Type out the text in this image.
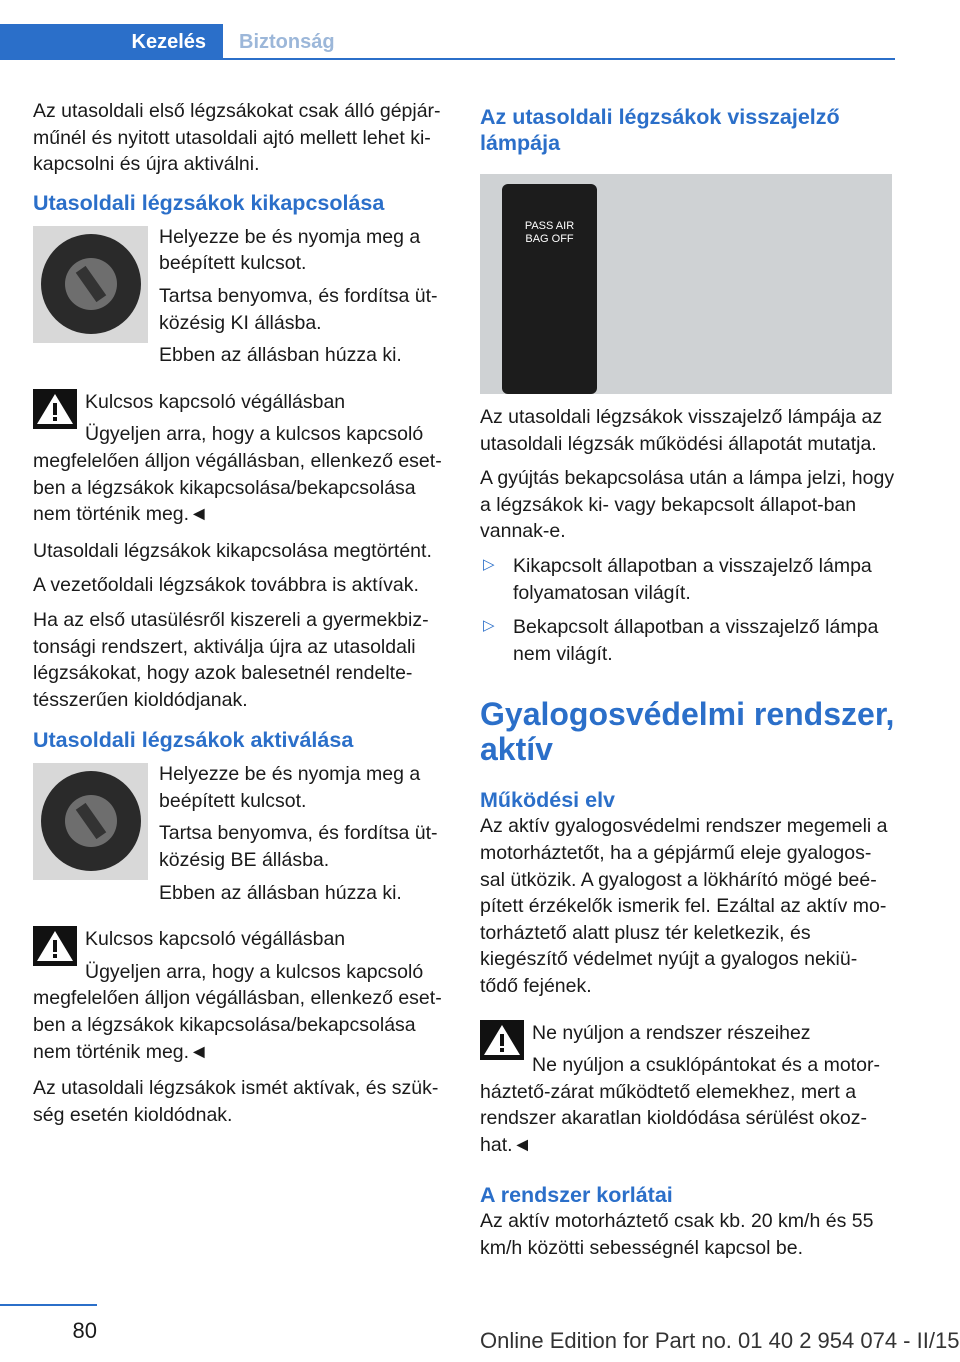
Kezelés	Biztonság

Az utasoldali első légzsákokat csak álló gépjár-műnél és nyitott utasoldali ajtó mellett lehet ki-kapcsolni és újra aktiválni.

Utasoldali légzsákok kikapcsolása

Helyezze be és nyomja meg a beépített kulcsot.

Tartsa benyomva, és fordítsa üt-közésig KI állásba.

Ebben az állásban húzza ki.

Kulcsos kapcsoló végállásban

Ügyeljen arra, hogy a kulcsos kapcsoló megfelelően álljon végállásban, ellenkező eset-ben a légzsákok kikapcsolása/bekapcsolása nem történik meg.◄

Utasoldali légzsákok kikapcsolása megtörtént.

A vezetőoldali légzsákok továbbra is aktívak.

Ha az első utasülésről kiszereli a gyermekbiz-tonsági rendszert, aktiválja újra az utasoldali légzsákokat, hogy azok balesetnél rendelte-tésszerűen kioldódjanak.

Utasoldali légzsákok aktiválása

Helyezze be és nyomja meg a beépített kulcsot.

Tartsa benyomva, és fordítsa üt-közésig BE állásba.

Ebben az állásban húzza ki.

Kulcsos kapcsoló végállásban

Ügyeljen arra, hogy a kulcsos kapcsoló megfelelően álljon végállásban, ellenkező eset-ben a légzsákok kikapcsolása/bekapcsolása nem történik meg.◄

Az utasoldali légzsákok ismét aktívak, és szük-ség esetén kioldódnak.

Az utasoldali légzsákok visszajelző lámpája
PASS AIR BAG OFF

Az utasoldali légzsákok visszajelző lámpája az utasoldali légzsák működési állapotát mutatja.

A gyújtás bekapcsolása után a lámpa jelzi, hogy a légzsákok ki- vagy bekapcsolt állapot-ban vannak-e.

▷ Kikapcsolt állapotban a visszajelző lámpa folyamatosan világít.

▷ Bekapcsolt állapotban a visszajelző lámpa nem világít.

Gyalogosvédelmi rendszer, aktív
Működési elv

Az aktív gyalogosvédelmi rendszer megemeli a motorháztetőt, ha a gépjármű eleje gyalogos-sal ütközik. A gyalogost a lökhárító mögé beé-pített érzékelők ismerik fel. Ezáltal az aktív mo-torháztető alatt plusz tér keletkezik, és kiegészítő védelmet nyújt a gyalogos nekiü-tődő fejének.

Ne nyúljon a rendszer részeihez

Ne nyúljon a csuklópántokat és a motor-háztető-zárat működtető elemekhez, mert a rendszer akaratlan kioldódása sérülést okoz-hat.◄

A rendszer korlátai

Az aktív motorháztető csak kb. 20 km/h és 55 km/h közötti sebességnél kapcsol be.

80	Online Edition for Part no. 01 40 2 954 074 - II/15
